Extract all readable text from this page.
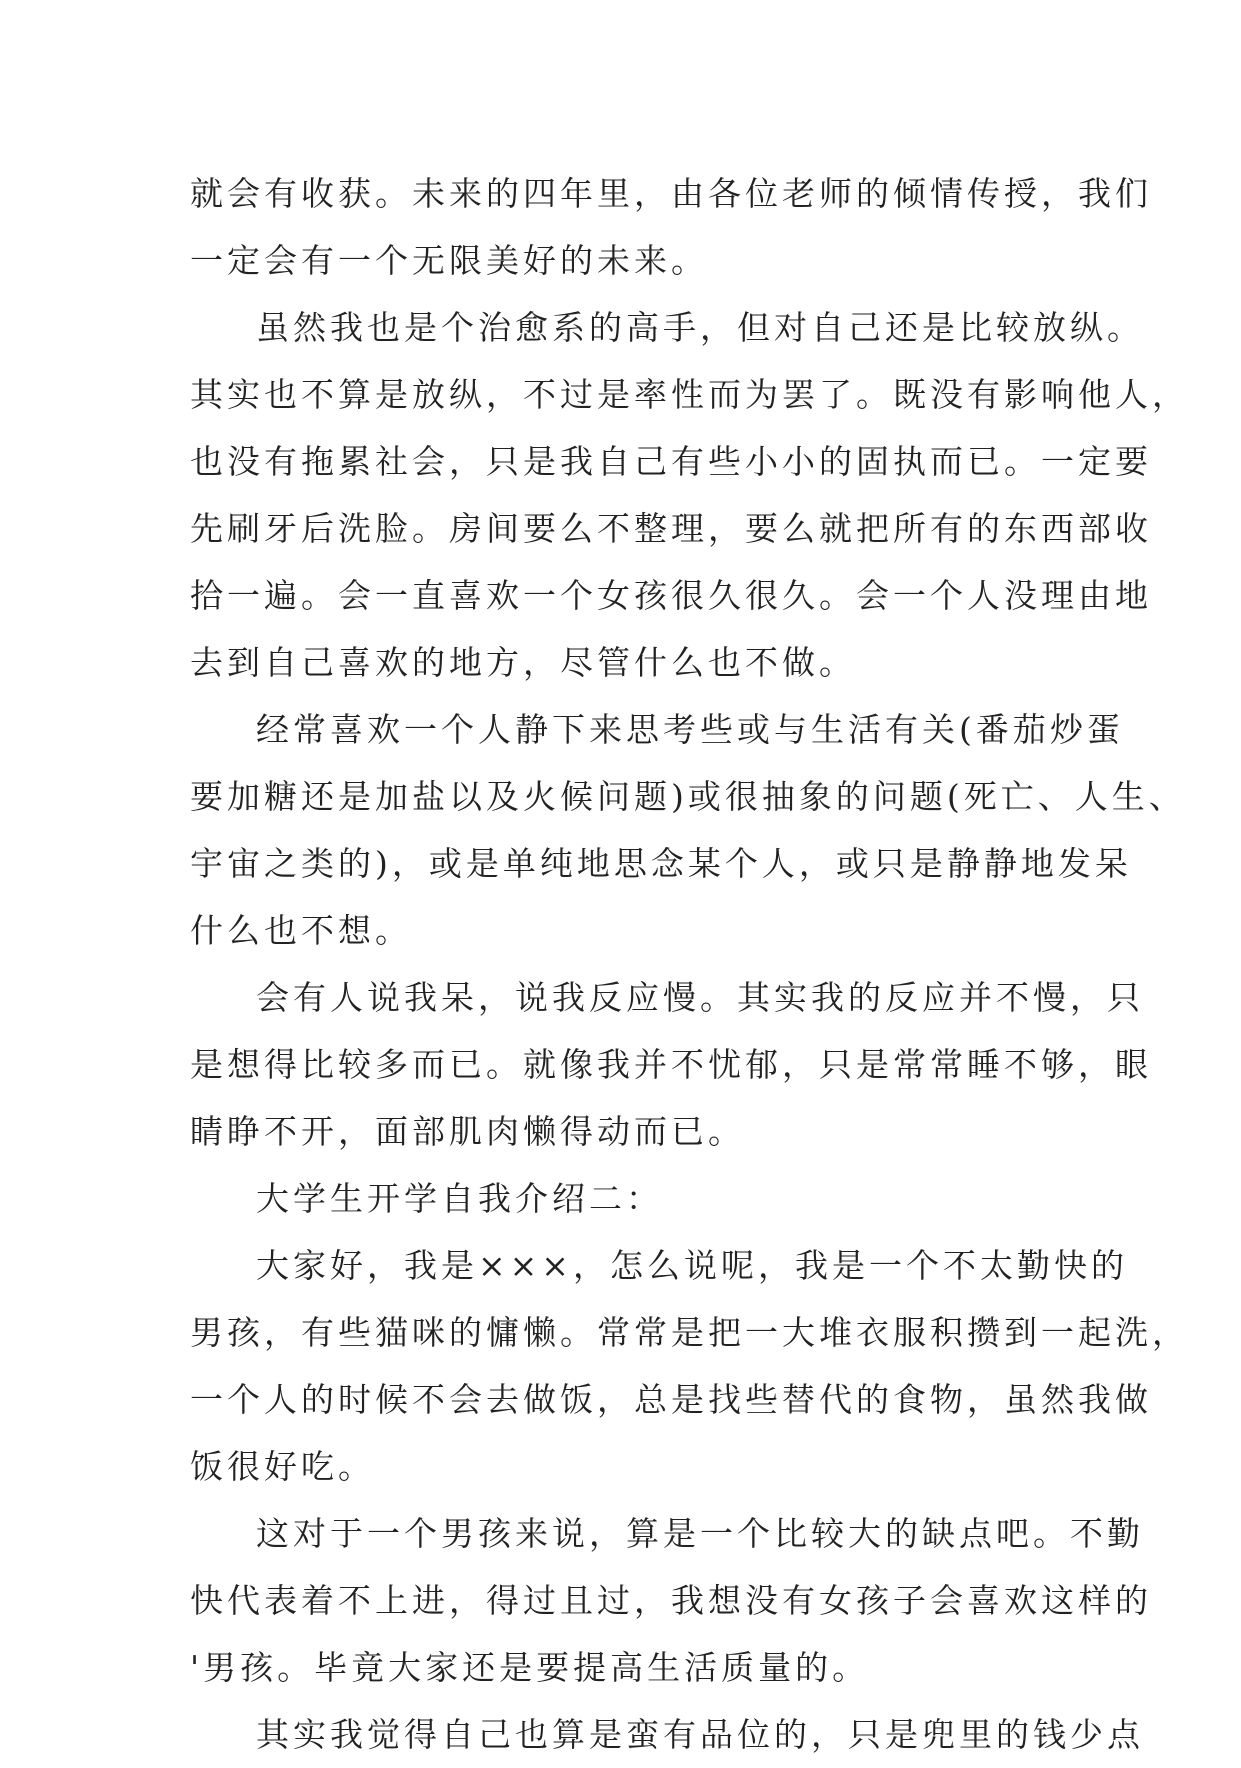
就会有收获。未来的四年里，由各位老师的倾情传授，我们
一定会有一个无限美好的未来。
虽然我也是个治愈系的高手，但对自己还是比较放纵。
其实也不算是放纵，不过是率性而为罢了。既没有影响他人，
也没有拖累社会，只是我自己有些小小的固执而已。一定要
先刷牙后洗脸。房间要么不整理，要么就把所有的东西部收
拾一遍。会一直喜欢一个女孩很久很久。会一个人没理由地
去到自己喜欢的地方，尽管什么也不做。
经常喜欢一个人静下来思考些或与生活有关(番茄炒蛋
要加糖还是加盐以及火候问题)或很抽象的问题(死亡、人生、
宇宙之类的)，或是单纯地思念某个人，或只是静静地发呆
什么也不想。
会有人说我呆，说我反应慢。其实我的反应并不慢，只
是想得比较多而已。就像我并不忧郁，只是常常睡不够，眼
睛睁不开，面部肌肉懒得动而已。
大学生开学自我介绍二：
大家好，我是×××，怎么说呢，我是一个不太勤快的
男孩，有些猫咪的慵懒。常常是把一大堆衣服积攒到一起洗，
一个人的时候不会去做饭，总是找些替代的食物，虽然我做
饭很好吃。
这对于一个男孩来说，算是一个比较大的缺点吧。不勤
快代表着不上进，得过且过，我想没有女孩子会喜欢这样的
'男孩。毕竟大家还是要提高生活质量的。
其实我觉得自己也算是蛮有品位的，只是兜里的钱少点
